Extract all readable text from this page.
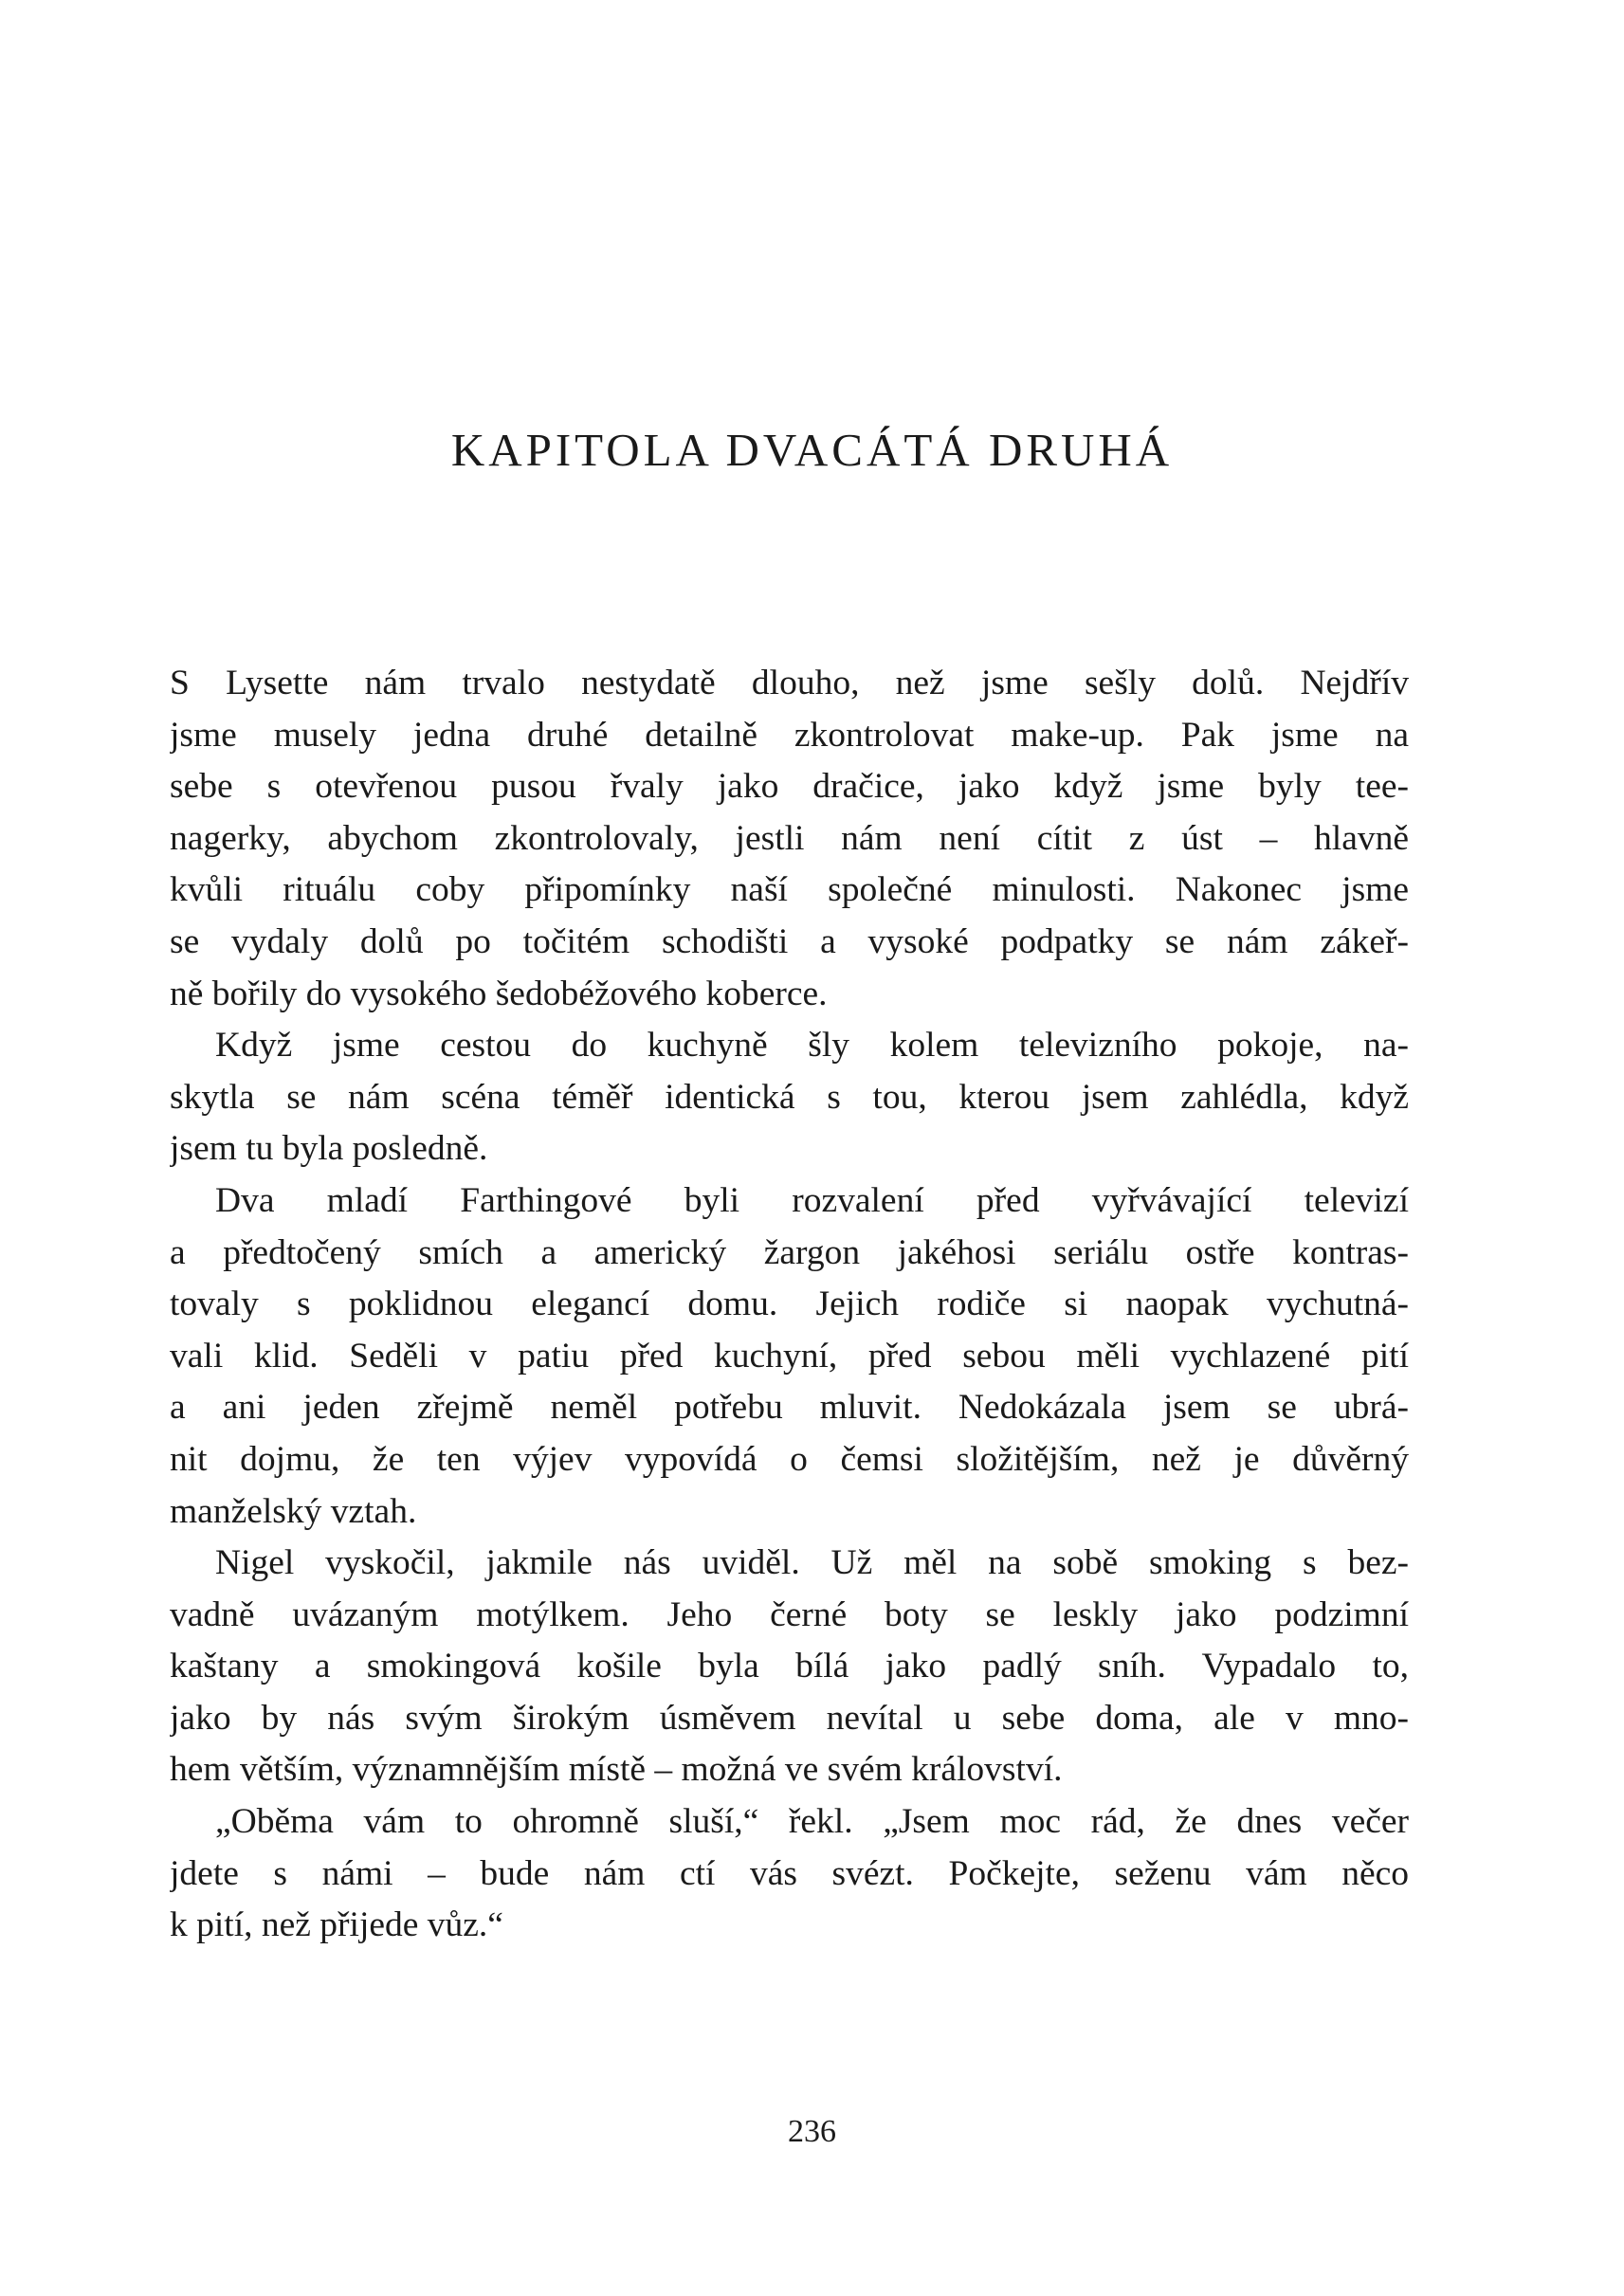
KAPITOLA DVACÁTÁ DRUHÁ

S Lysette nám trvalo nestydatě dlouho, než jsme sešly dolů. Nejdřív
jsme musely jedna druhé detailně zkontrolovat make-up. Pak jsme na
sebe s otevřenou pusou řvaly jako dračice, jako když jsme byly tee-
nagerky, abychom zkontrolovaly, jestli nám není cítit z úst – hlavně
kvůli rituálu coby připomínky naší společné minulosti. Nakonec jsme
se vydaly dolů po točitém schodišti a vysoké podpatky se nám zákeř-
ně bořily do vysokého šedobéžového koberce.

Když jsme cestou do kuchyně šly kolem televizního pokoje, na-
skytla se nám scéna téměř identická s tou, kterou jsem zahlédla, když
jsem tu byla posledně.

Dva mladí Farthingové byli rozvalení před vyřvávající televizí
a předtočený smích a americký žargon jakéhosi seriálu ostře kontras-
tovaly s poklidnou elegancí domu. Jejich rodiče si naopak vychutná-
vali klid. Seděli v patiu před kuchyní, před sebou měli vychlazené pití
a ani jeden zřejmě neměl potřebu mluvit. Nedokázala jsem se ubrá-
nit dojmu, že ten výjev vypovídá o čemsi složitějším, než je důvěrný
manželský vztah.

Nigel vyskočil, jakmile nás uviděl. Už měl na sobě smoking s bez-
vadně uvázaným motýlkem. Jeho černé boty se leskly jako podzimní
kaštany a smokingová košile byla bílá jako padlý sníh. Vypadalo to,
jako by nás svým širokým úsměvem nevítal u sebe doma, ale v mno-
hem větším, významnějším místě – možná ve svém království.

„Oběma vám to ohromně sluší,“ řekl. „Jsem moc rád, že dnes večer
jdete s námi – bude nám ctí vás svézt. Počkejte, seženu vám něco
k pití, než přijede vůz.“

236
